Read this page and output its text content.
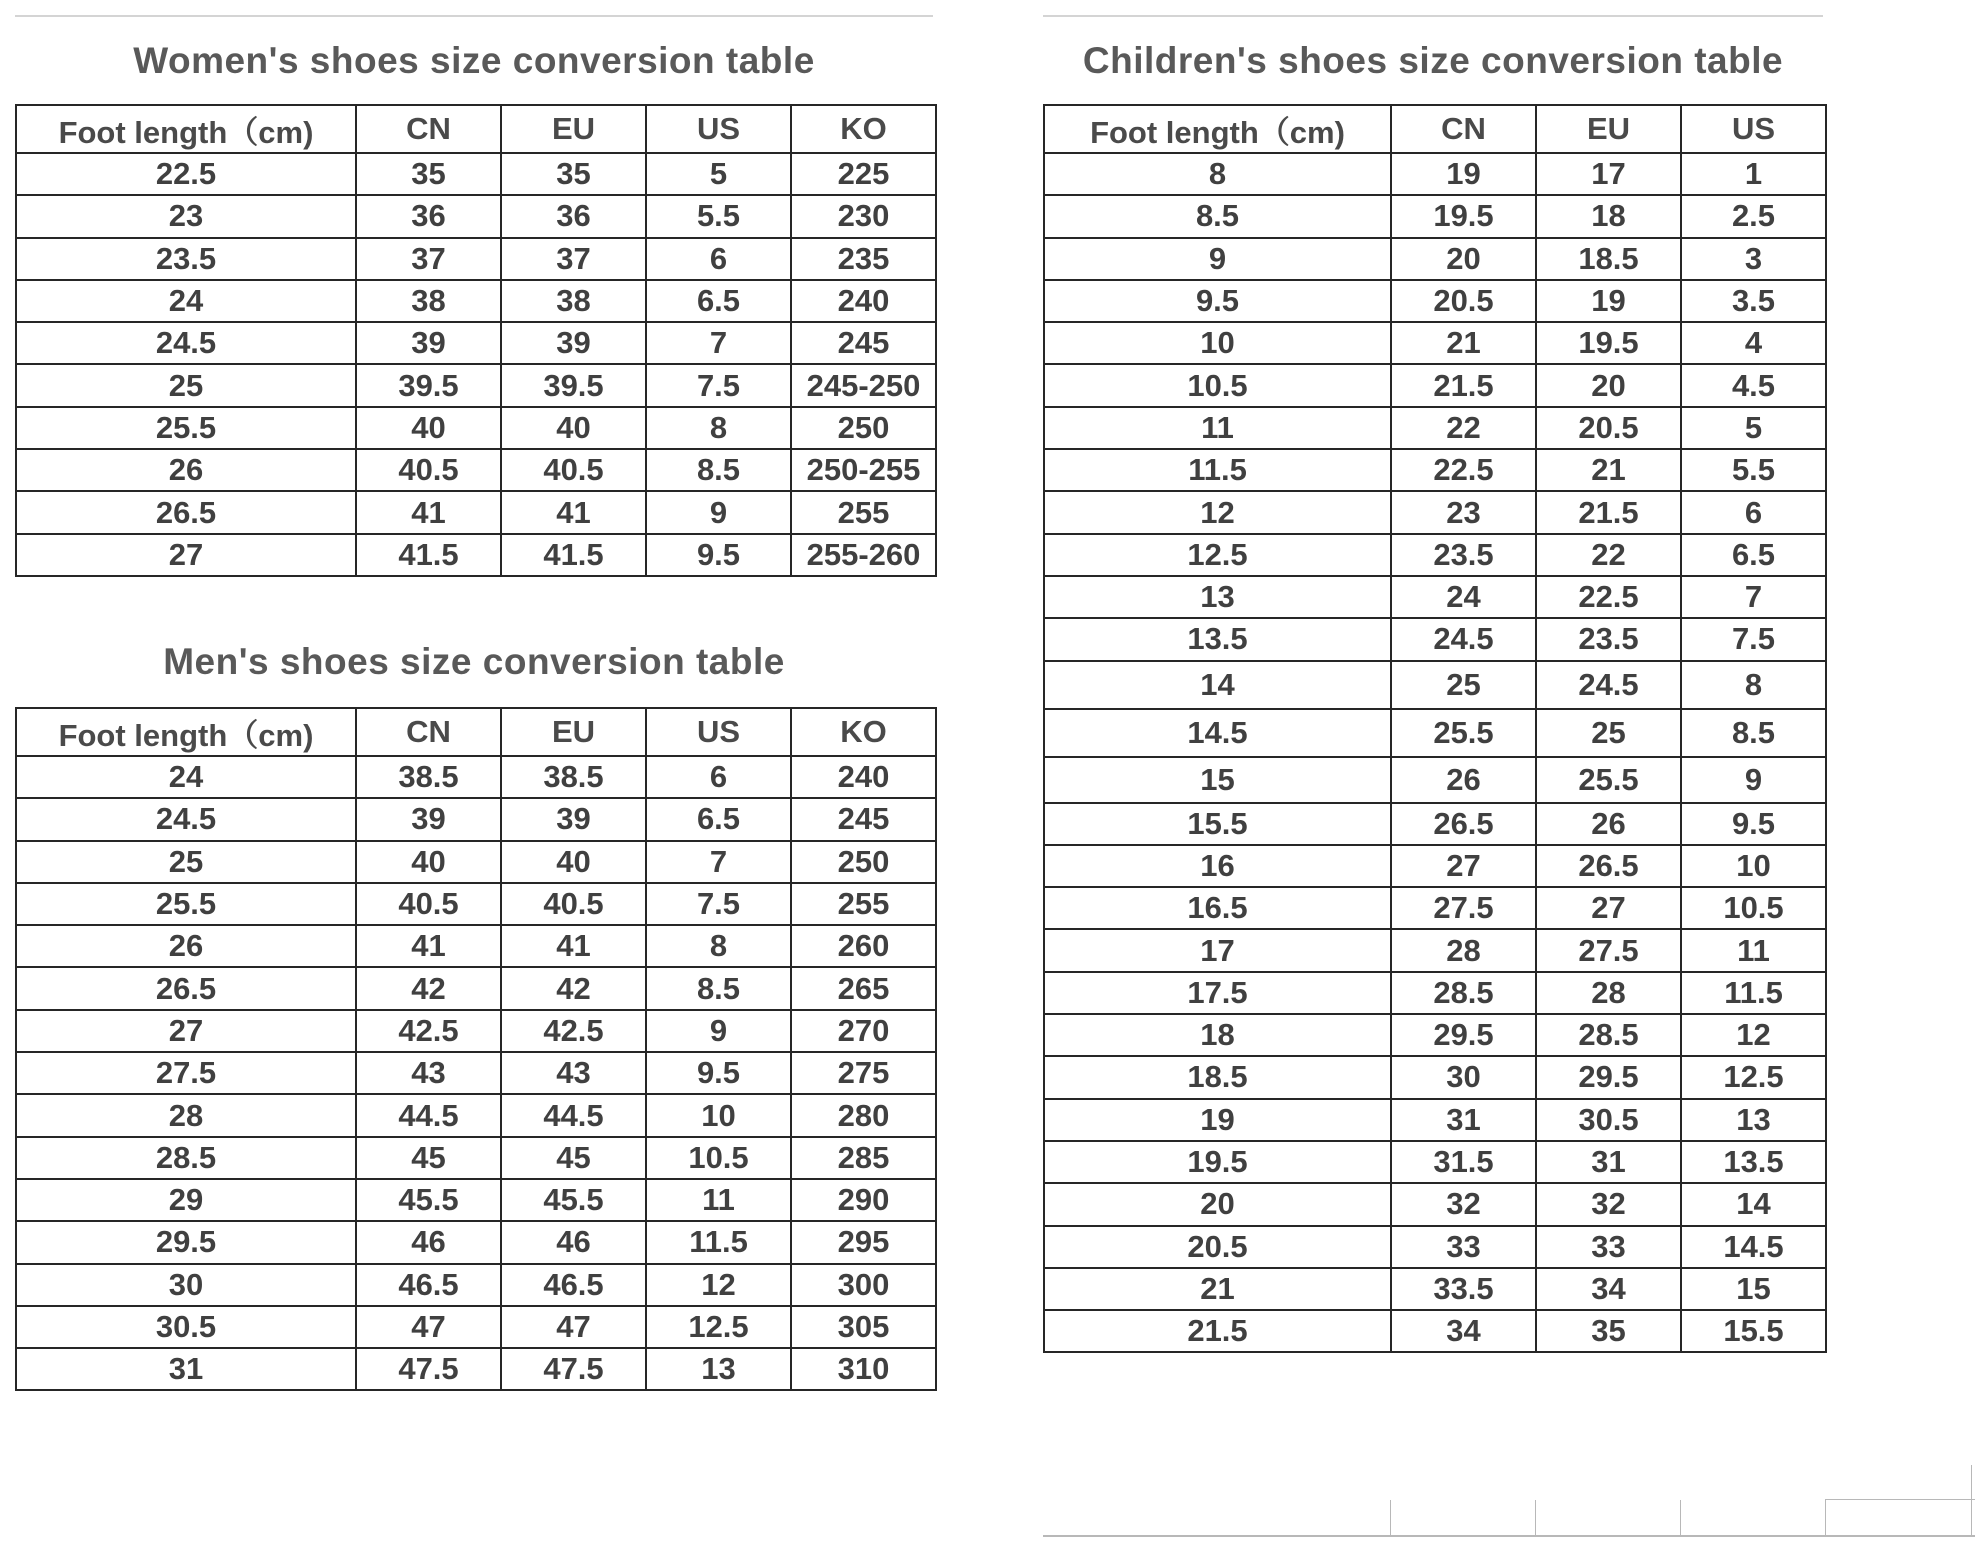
Women's shoes size conversion table
Foot length（cm)	CN	EU	US	KO
22.5	35	35	5	225
23	36	36	5.5	230
23.5	37	37	6	235
24	38	38	6.5	240
24.5	39	39	7	245
25	39.5	39.5	7.5	245-250
25.5	40	40	8	250
26	40.5	40.5	8.5	250-255
26.5	41	41	9	255
27	41.5	41.5	9.5	255-260
Men's shoes size conversion table
Foot length（cm)	CN	EU	US	KO
24	38.5	38.5	6	240
24.5	39	39	6.5	245
25	40	40	7	250
25.5	40.5	40.5	7.5	255
26	41	41	8	260
26.5	42	42	8.5	265
27	42.5	42.5	9	270
27.5	43	43	9.5	275
28	44.5	44.5	10	280
28.5	45	45	10.5	285
29	45.5	45.5	11	290
29.5	46	46	11.5	295
30	46.5	46.5	12	300
30.5	47	47	12.5	305
31	47.5	47.5	13	310
Children's shoes size conversion table
Foot length（cm)	CN	EU	US
8	19	17	1
8.5	19.5	18	2.5
9	20	18.5	3
9.5	20.5	19	3.5
10	21	19.5	4
10.5	21.5	20	4.5
11	22	20.5	5
11.5	22.5	21	5.5
12	23	21.5	6
12.5	23.5	22	6.5
13	24	22.5	7
13.5	24.5	23.5	7.5
14	25	24.5	8
14.5	25.5	25	8.5
15	26	25.5	9
15.5	26.5	26	9.5
16	27	26.5	10
16.5	27.5	27	10.5
17	28	27.5	11
17.5	28.5	28	11.5
18	29.5	28.5	12
18.5	30	29.5	12.5
19	31	30.5	13
19.5	31.5	31	13.5
20	32	32	14
20.5	33	33	14.5
21	33.5	34	15
21.5	34	35	15.5
